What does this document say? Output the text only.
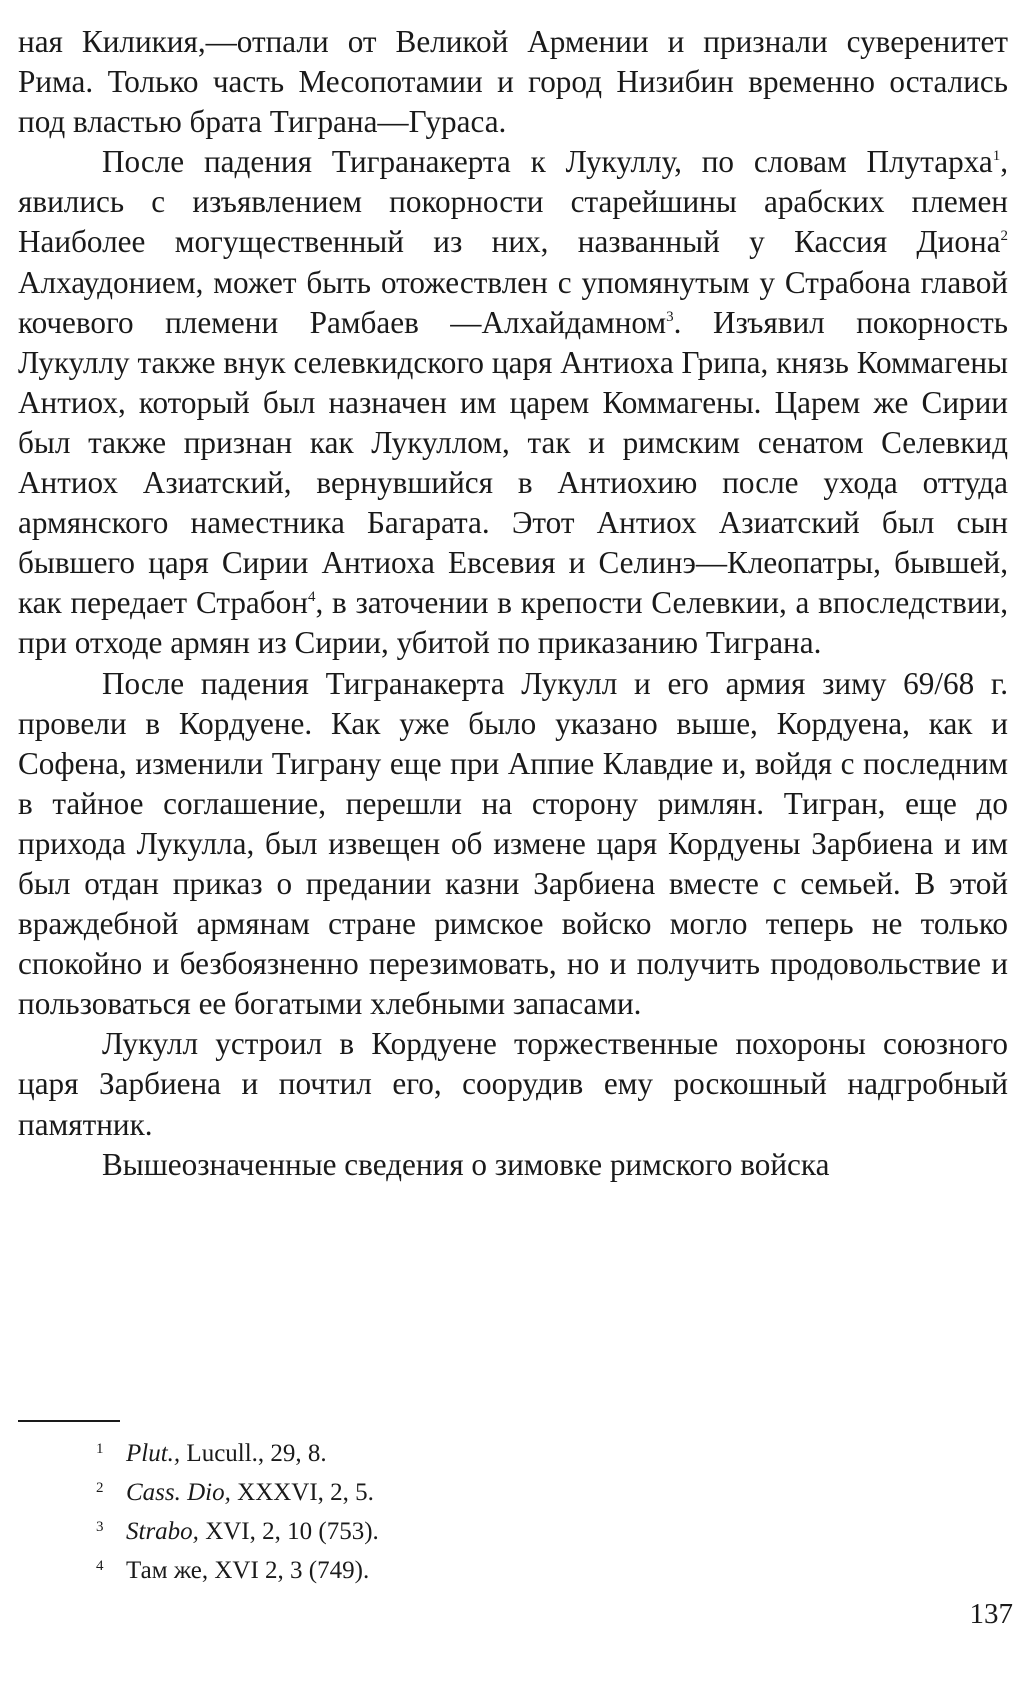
ная Киликия,—отпали от Великой Армении и признали суверенитет Рима. Только часть Месопотамии и город Низибин временно остались под властью брата Тиграна—Гураса.

После падения Тигранакерта к Лукуллу, по словам Плутарха$^1$, явились с изъявлением покорности старейшины арабских племен Наиболее могущественный из них, названный у Кассия Диона$^2$ Алхаудонием, может быть отожествлен с упомянутым у Страбона главой кочевого племени Рамбаев —Алхайдамном$^3$. Изъявил покорность Лукуллу также внук селевкидского царя Антиоха Грипа, князь Коммагены Антиох, который был назначен им царем Коммагены. Царем же Сирии был также признан как Лукуллом, так и римским сенатом Селевкид Антиох Азиатский, вернувшийся в Антиохию после ухода оттуда армянского наместника Багарата. Этот Антиох Азиатский был сын бывшего царя Сирии Антиоха Евсевия и Селинэ—Клеопатры, бывшей, как передает Страбон$^4$, в заточении в крепости Селевкии, а впоследствии, при отходе армян из Сирии, убитой по приказанию Тиграна.

После падения Тигранакерта Лукулл и его армия зиму 69/68 г. провели в Кордуене. Как уже было указано выше, Кордуена, как и Софена, изменили Тиграну еще при Аппие Клавдие и, войдя с последним в тайное соглашение, перешли на сторону римлян. Тигран, еще до прихода Лукулла, был извещен об измене царя Кордуены Зарбиена и им был отдан приказ о предании казни Зарбиена вместе с семьей. В этой враждебной армянам стране римское войско могло теперь не только спокойно и безбоязненно перезимовать, но и получить продовольствие и пользоваться ее богатыми хлебными запасами.

Лукулл устроил в Кордуене торжественные похороны союзного царя Зарбиена и почтил его, соорудив ему роскошный надгробный памятник.

Вышеозначенные сведения о зимовке римского войска

1 Plut., Lucull., 29, 8.
2 Cass. Dio, XXXVI, 2, 5.
3 Strabo, XVI, 2, 10 (753).
4 Там же, XVI 2, 3 (749).
137
